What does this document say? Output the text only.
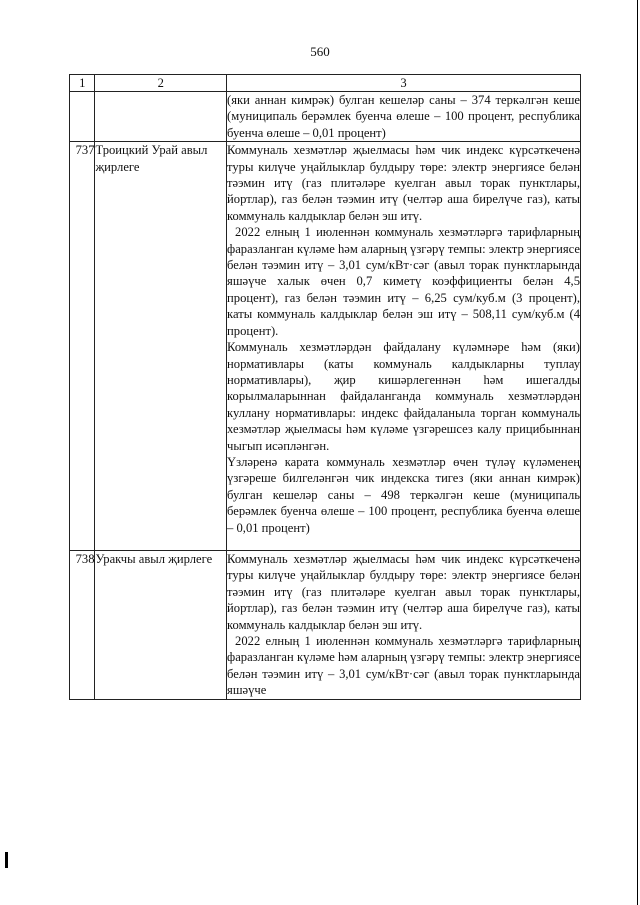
560
1	2	3

		(яки аннан кимрәк) булган кешеләр саны – 374 теркәлгән кеше (муниципаль берәмлек буенча өлеше – 100 процент, республика буенча өлеше – 0,01 процент)

737	Троицкий Урай авыл җирлеге	Коммуналь хезмәтләр җыелмасы һәм чик индекс күрсәткеченә туры килүче уңайлыклар булдыру төре: электр энергиясе белән тәэмин итү (газ плитәләре куелган авыл торак пунктлары, йортлар), газ белән тәэмин итү (челтәр аша бирелүче газ), каты коммуналь калдыклар белән эш итү.

2022 елның 1 июленнән коммуналь хезмәтләргә тарифларның фаразланган күләме һәм аларның үзгәрү темпы: электр энергиясе белән тәэмин итү – 3,01 сум/кВт·сәг (авыл торак пунктларында яшәүче халык өчен 0,7 киметү коэффициенты белән 4,5 процент), газ белән тәэмин итү – 6,25 сум/куб.м (3 процент), каты коммуналь калдыклар белән эш итү – 508,11 сум/куб.м (4 процент).

Коммуналь хезмәтләрдән файдалану күләмнәре һәм (яки) нормативлары (каты коммуналь калдыкларны туплау нормативлары), җир кишәрлегеннән һәм ишегалды корылмаларыннан файдаланганда коммуналь хезмәтләрдән куллану нормативлары: индекс файдаланыла торган коммуналь хезмәтләр җыелмасы һәм күләме үзгәрешсез калу прицибыннан чыгып исәпләнгән.

Үзләренә карата коммуналь хезмәтләр өчен түләү күләменең үзгәреше билгеләнгән чик индекска тигез (яки аннан кимрәк) булган кешеләр саны – 498 теркәлгән кеше (муниципаль берәмлек буенча өлеше – 100 процент, республика буенча өлеше – 0,01 процент)

738	Уракчы авыл җирлеге	Коммуналь хезмәтләр җыелмасы һәм чик индекс күрсәткеченә туры килүче уңайлыклар булдыру төре: электр энергиясе белән тәэмин итү (газ плитәләре куелган авыл торак пунктлары, йортлар), газ белән тәэмин итү (челтәр аша бирелүче газ), каты коммуналь калдыклар белән эш итү.

2022 елның 1 июленнән коммуналь хезмәтләргә тарифларның фаразланган күләме һәм аларның үзгәрү темпы: электр энергиясе белән тәэмин итү – 3,01 сум/кВт·сәг (авыл торак пунктларында яшәүче
